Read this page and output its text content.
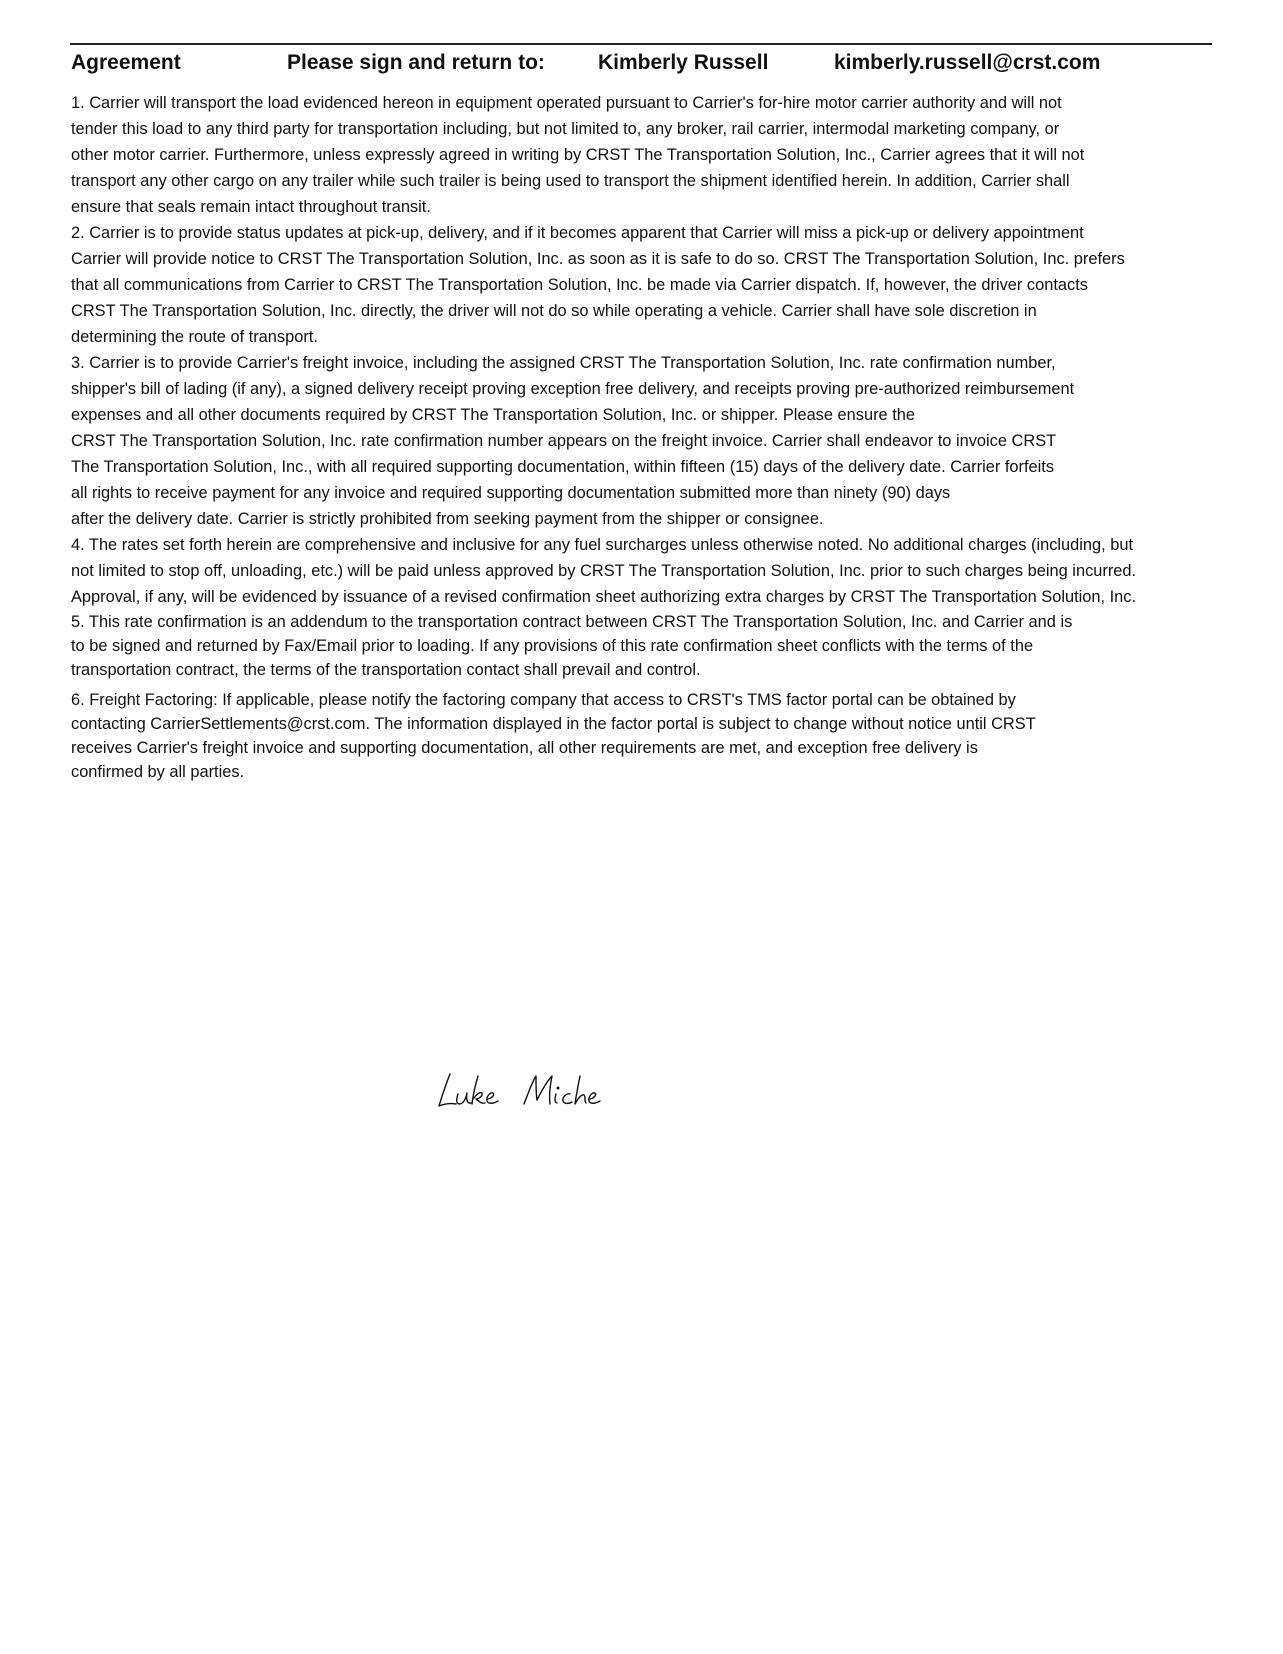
Agreement	Please sign and return to:	Kimberly Russell	kimberly.russell@crst.com

1. Carrier will transport the load evidenced hereon in equipment operated pursuant to Carrier's for-hire motor carrier authority and will not
tender this load to any third party for transportation including, but not limited to, any broker, rail carrier, intermodal marketing company, or
other motor carrier. Furthermore, unless expressly agreed in writing by CRST The Transportation Solution, Inc., Carrier agrees that it will not
transport any other cargo on any trailer while such trailer is being used to transport the shipment identified herein. In addition, Carrier shall
ensure that seals remain intact throughout transit.

2. Carrier is to provide status updates at pick-up, delivery, and if it becomes apparent that Carrier will miss a pick-up or delivery appointment
Carrier will provide notice to CRST The Transportation Solution, Inc. as soon as it is safe to do so. CRST The Transportation Solution, Inc. prefers
that all communications from Carrier to CRST The Transportation Solution, Inc. be made via Carrier dispatch. If, however, the driver contacts
CRST The Transportation Solution, Inc. directly, the driver will not do so while operating a vehicle. Carrier shall have sole discretion in
determining the route of transport.

3. Carrier is to provide Carrier's freight invoice, including the assigned CRST The Transportation Solution, Inc. rate confirmation number,
shipper's bill of lading (if any), a signed delivery receipt proving exception free delivery, and receipts proving pre-authorized reimbursement
expenses and all other documents required by CRST The Transportation Solution, Inc. or shipper. Please ensure the
CRST The Transportation Solution, Inc. rate confirmation number appears on the freight invoice. Carrier shall endeavor to invoice CRST
The Transportation Solution, Inc., with all required supporting documentation, within fifteen (15) days of the delivery date. Carrier forfeits
all rights to receive payment for any invoice and required supporting documentation submitted more than ninety (90) days
after the delivery date. Carrier is strictly prohibited from seeking payment from the shipper or consignee.

4. The rates set forth herein are comprehensive and inclusive for any fuel surcharges unless otherwise noted. No additional charges (including, but
not limited to stop off, unloading, etc.) will be paid unless approved by CRST The Transportation Solution, Inc. prior to such charges being incurred.
Approval, if any, will be evidenced by issuance of a revised confirmation sheet authorizing extra charges by CRST The Transportation Solution, Inc.

5. This rate confirmation is an addendum to the transportation contract between CRST The Transportation Solution, Inc. and Carrier and is
to be signed and returned by Fax/Email prior to loading. If any provisions of this rate confirmation sheet conflicts with the terms of the
transportation contract, the terms of the transportation contact shall prevail and control.

6. Freight Factoring: If applicable, please notify the factoring company that access to CRST's TMS factor portal can be obtained by
contacting CarrierSettlements@crst.com. The information displayed in the factor portal is subject to change without notice until CRST
receives Carrier's freight invoice and supporting documentation, all other requirements are met, and exception free delivery is
confirmed by all parties.
